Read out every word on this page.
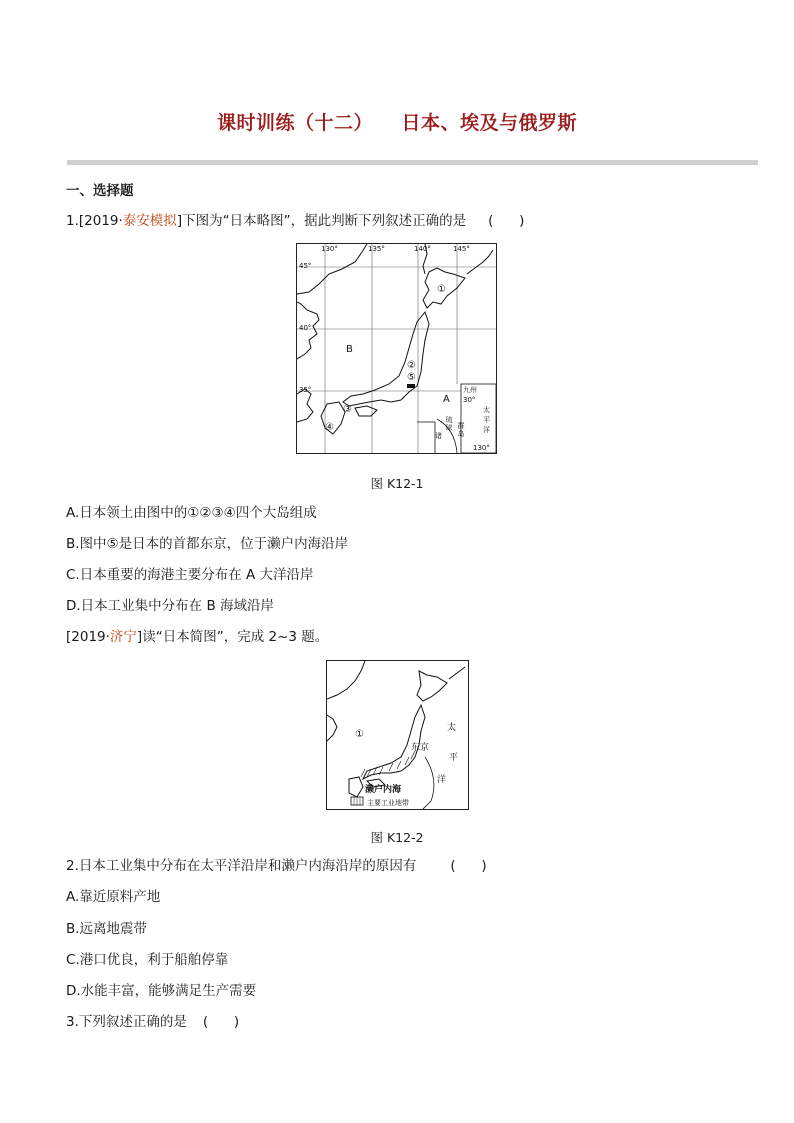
课时训练（十二）    日本、埃及与俄罗斯
一、选择题
1.[2019·泰安模拟]下图为“日本略图”，据此判断下列叙述正确的是 (      )
130°	135°	140°	145°
45°
40°
35°
30°
B
A
①
②
③
④
⑤
九州
太
平
洋
琉球 群岛
诸
130°
图 K12-1
A.日本领土由图中的①②③④四个大岛组成
B.图中⑤是日本的首都东京，位于濑户内海沿岸
C.日本重要的海港主要分布在 A 大洋沿岸
D.日本工业集中分布在 B 海域沿岸
[2019·济宁]读“日本简图”，完成 2~3 题。
①
东京
濑户内海
主要工业地带
太
平
洋
图 K12-2
2.日本工业集中分布在太平洋沿岸和濑户内海沿岸的原因有	(      )
A.靠近原料产地
B.远离地震带
C.港口优良，利于船舶停靠
D.水能丰富，能够满足生产需要
3.下列叙述正确的是 (      )
